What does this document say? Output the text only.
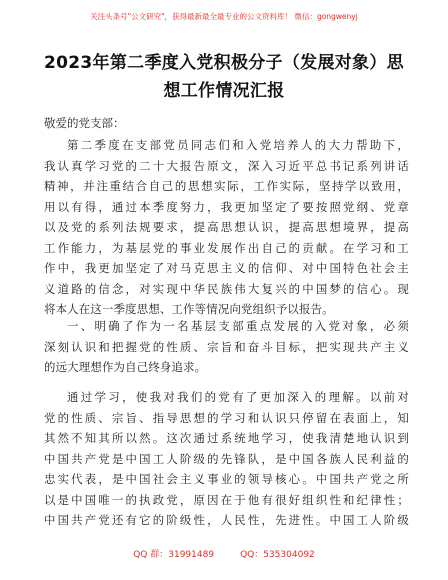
关注头条号"公文研究"，获得最新最全最专业的公文资料库！ 微信：gongwenyj
2023年第二季度入党积极分子（发展对象）思
想工作情况汇报
敬爱的党支部：
第二季度在支部党员同志们和入党培养人的大力帮助下，
我认真学习党的二十大报告原文，深入习近平总书记系列讲话
精神，并注重结合自己的思想实际，工作实际，坚持学以致用，
用以有得，通过本季度努力，我更加坚定了要按照党纲、党章
以及党的系列法规要求，提高思想认识，提高思想境界，提高
工作能力，为基层党的事业发展作出自己的贡献。在学习和工
作中，我更加坚定了对马克思主义的信仰、对中国特色社会主
义道路的信念，对实现中华民族伟大复兴的中国梦的信心。现
将本人在这一季度思想、工作等情况向党组织予以报告。
一、明确了作为一名基层支部重点发展的入党对象，必须
深刻认识和把握党的性质、宗旨和奋斗目标，把实现共产主义
的远大理想作为自己终身追求。
通过学习，使我对我们的党有了更加深入的理解。以前对
党的性质、宗旨、指导思想的学习和认识只停留在表面上，知
其然不知其所以然。这次通过系统地学习，使我清楚地认识到
中国共产党是中国工人阶级的先锋队，是中国各族人民利益的
忠实代表，是中国社会主义事业的领导核心。中国共产党之所
以是中国唯一的执政党，原因在于他有很好组织性和纪律性；
中国共产党还有它的阶级性，人民性，先进性。中国工人阶级
QQ 群：31991489	QQ：535304092
